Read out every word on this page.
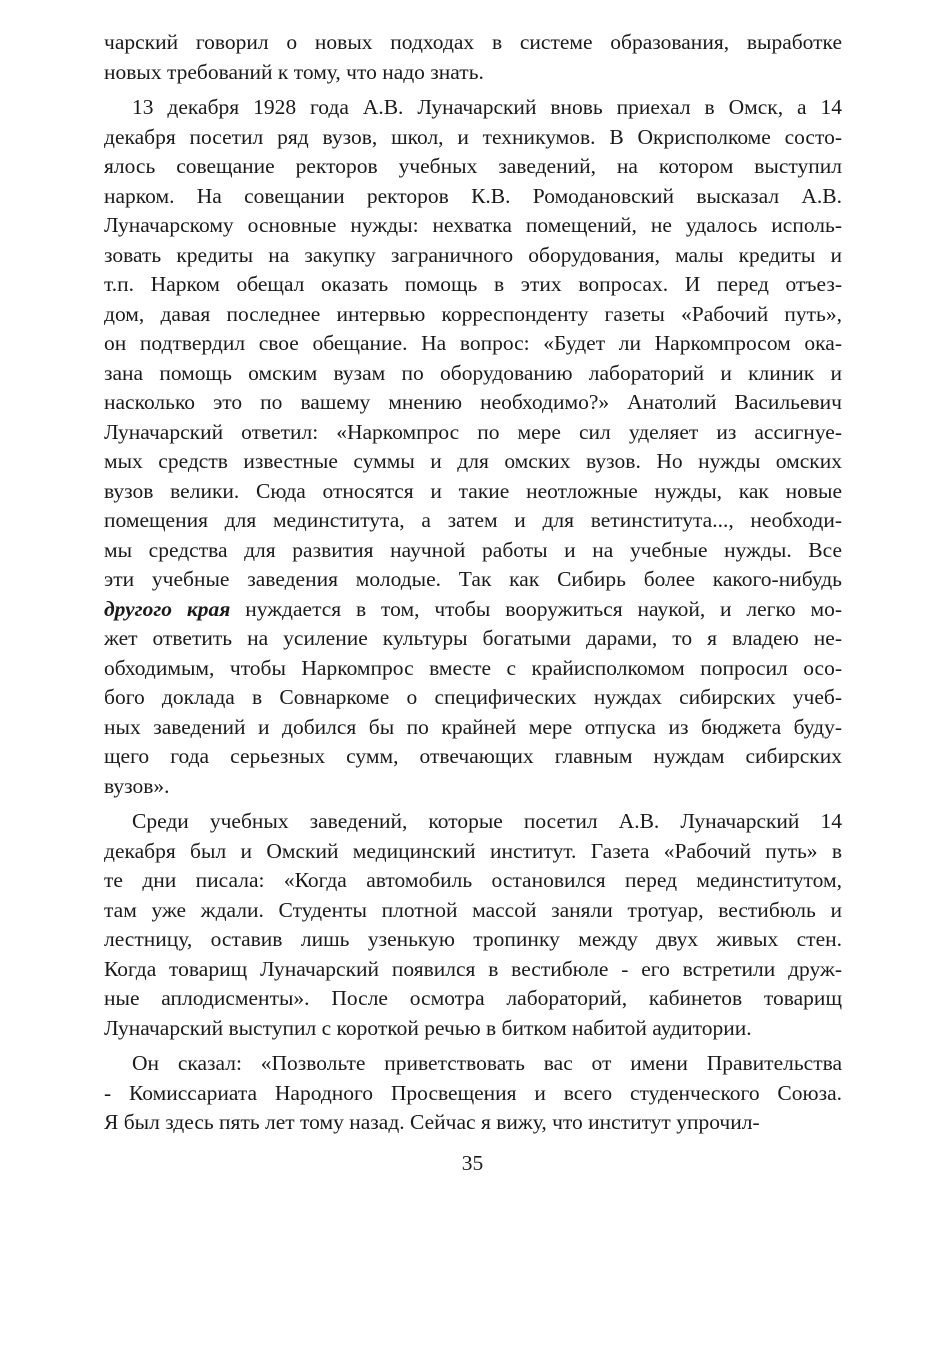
чарский говорил о новых подходах в системе образования, выработке
новых требований к тому, что надо знать.
13 декабря 1928 года А.В. Луначарский вновь приехал в Омск, а 14
декабря посетил ряд вузов, школ, и техникумов. В Окрисполкоме состо-
ялось совещание ректоров учебных заведений, на котором выступил
нарком. На совещании ректоров К.В. Ромодановский высказал А.В.
Луначарскому основные нужды: нехватка помещений, не удалось исполь-
зовать кредиты на закупку заграничного оборудования, малы кредиты и
т.п. Нарком обещал оказать помощь в этих вопросах. И перед отъез-
дом, давая последнее интервью корреспонденту газеты «Рабочий путь»,
он подтвердил свое обещание. На вопрос: «Будет ли Наркомпросом ока-
зана помощь омским вузам по оборудованию лабораторий и клиник и
насколько это по вашему мнению необходимо?» Анатолий Васильевич
Луначарский ответил: «Наркомпрос по мере сил уделяет из ассигнуе-
мых средств известные суммы и для омских вузов. Но нужды омских
вузов велики. Сюда относятся и такие неотложные нужды, как новые
помещения для мединститута, а затем и для ветинститута..., необходи-
мы средства для развития научной работы и на учебные нужды. Все
эти учебные заведения молодые. Так как Сибирь более какого-нибудь
другого края нуждается в том, чтобы вооружиться наукой, и легко мо-
жет ответить на усиление культуры богатыми дарами, то я владею не-
обходимым, чтобы Наркомпрос вместе с крайисполкомом попросил осо-
бого доклада в Совнаркоме о специфических нуждах сибирских учеб-
ных заведений и добился бы по крайней мере отпуска из бюджета буду-
щего года серьезных сумм, отвечающих главным нуждам сибирских
вузов».
Среди учебных заведений, которые посетил А.В. Луначарский 14
декабря был и Омский медицинский институт. Газета «Рабочий путь» в
те дни писала: «Когда автомобиль остановился перед мединститутом,
там уже ждали. Студенты плотной массой заняли тротуар, вестибюль и
лестницу, оставив лишь узенькую тропинку между двух живых стен.
Когда товарищ Луначарский появился в вестибюле - его встретили друж-
ные аплодисменты». После осмотра лабораторий, кабинетов товарищ
Луначарский выступил с короткой речью в битком набитой аудитории.
Он сказал: «Позвольте приветствовать вас от имени Правительства
- Комиссариата Народного Просвещения и всего студенческого Союза.
Я был здесь пять лет тому назад. Сейчас я вижу, что институт упрочил-
35
